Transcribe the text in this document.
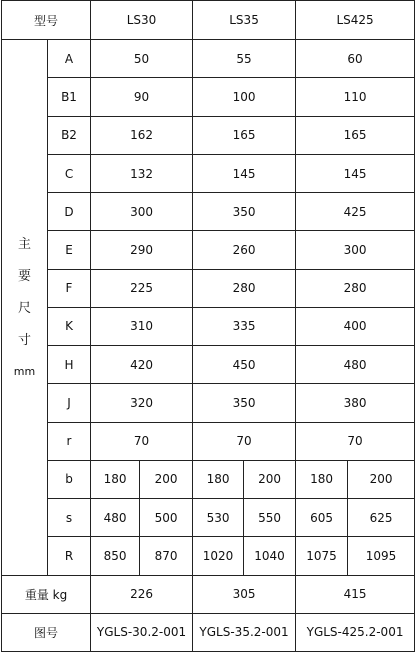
型号		LS30		LS35		LS425	

主
要
尺
寸
mm	A	50		55		60	
	B1	90		100		110	
	B2	162		165		165	
	C	132		145		145	
	D	300		350		425	
	E	290		260		300	
	F	225		280		280	
	K	310		335		400	
	H	420		450		480	
	J	320		350		380	
	r	70		70		70	
	b	180	200	180	200	180	200
	s	480	500	530	550	605	625
	R	850	870	1020	1040	1075	1095
重量 kg		226		305		415	
图号		YGLS-30.2-001		YGLS-35.2-001		YGLS-425.2-001	
